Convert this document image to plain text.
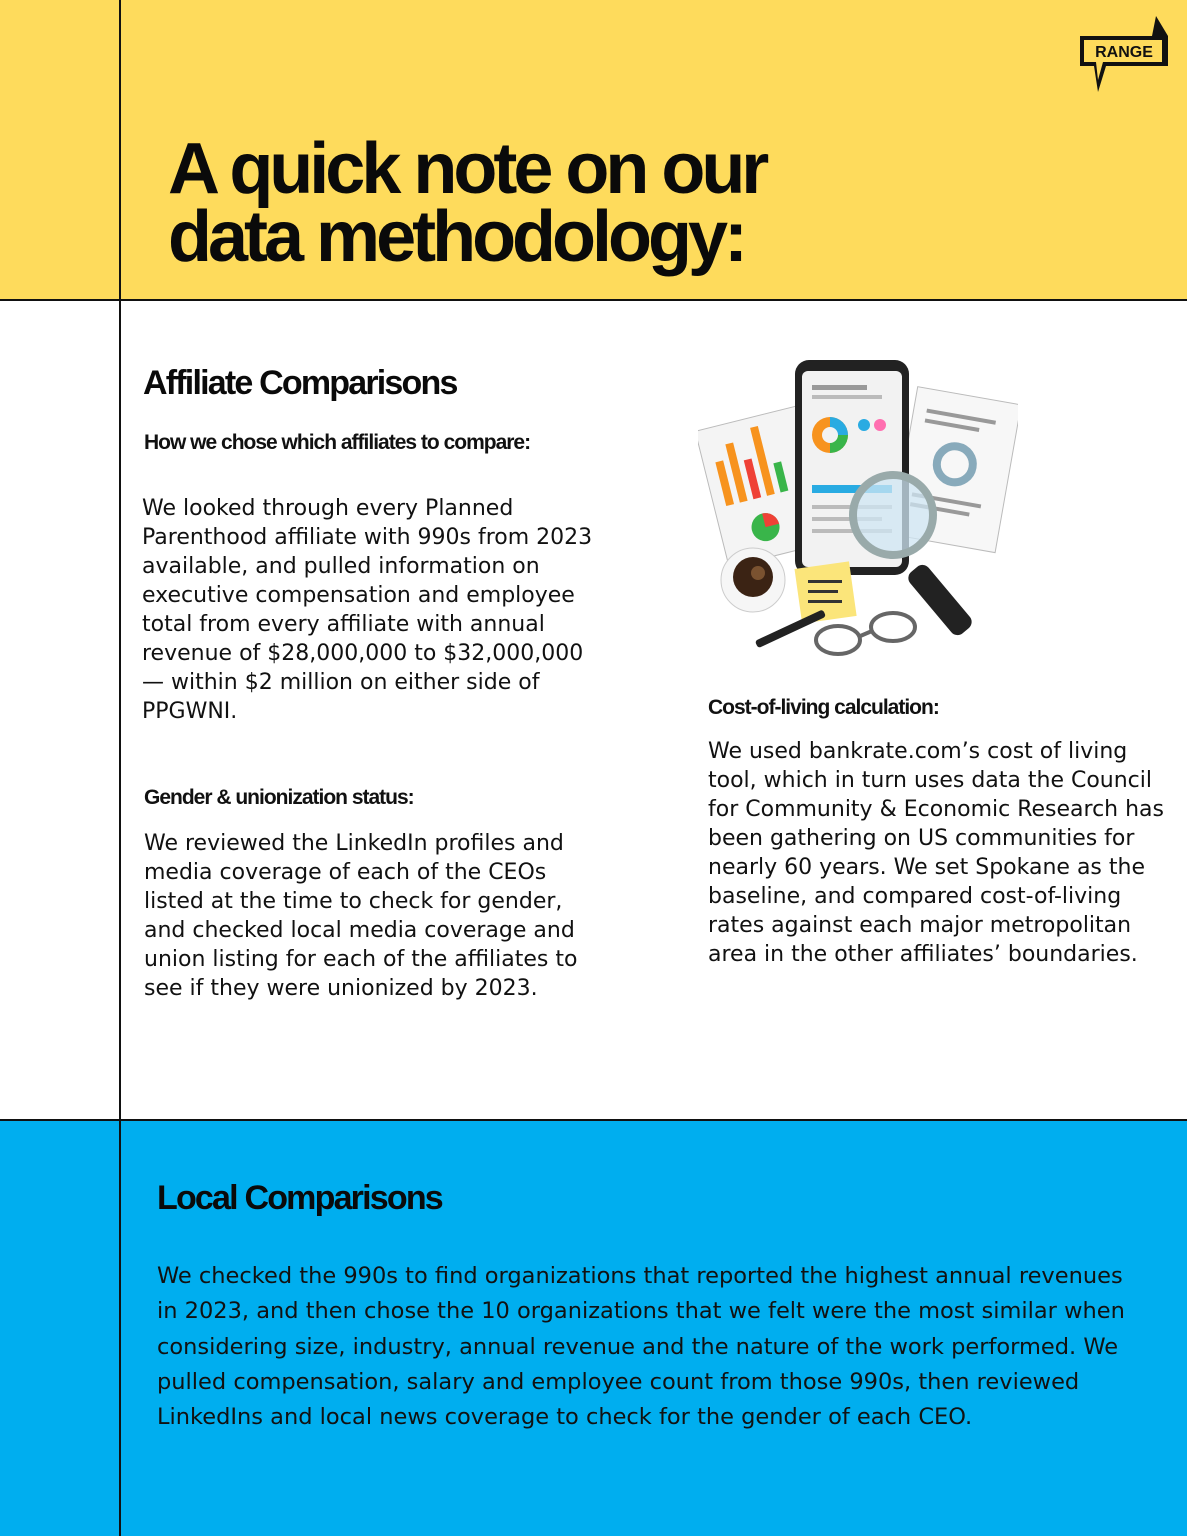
RANGE
A quick note on our
data methodology:
Affiliate Comparisons
How we chose which affiliates to compare:

We looked through every Planned Parenthood affiliate with 990s from 2023 available, and pulled information on executive compensation and employee total from every affiliate with annual revenue of $28,000,000 to $32,000,000 — within $2 million on either side of PPGWNI.

Gender & unionization status:

We reviewed the LinkedIn profiles and media coverage of each of the CEOs listed at the time to check for gender, and checked local media coverage and union listing for each of the affiliates to see if they were unionized by 2023.

Cost-of-living calculation:

We used bankrate.com’s cost of living tool, which in turn uses data the Council for Community & Economic Research has been gathering on US communities for nearly 60 years. We set Spokane as the baseline, and compared cost-of-living rates against each major metropolitan area in the other affiliates’ boundaries.

Local Comparisons

We checked the 990s to find organizations that reported the highest annual revenues in 2023, and then chose the 10 organizations that we felt were the most similar when considering size, industry, annual revenue and the nature of the work performed. We pulled compensation, salary and employee count from those 990s, then reviewed LinkedIns and local news coverage to check for the gender of each CEO.
